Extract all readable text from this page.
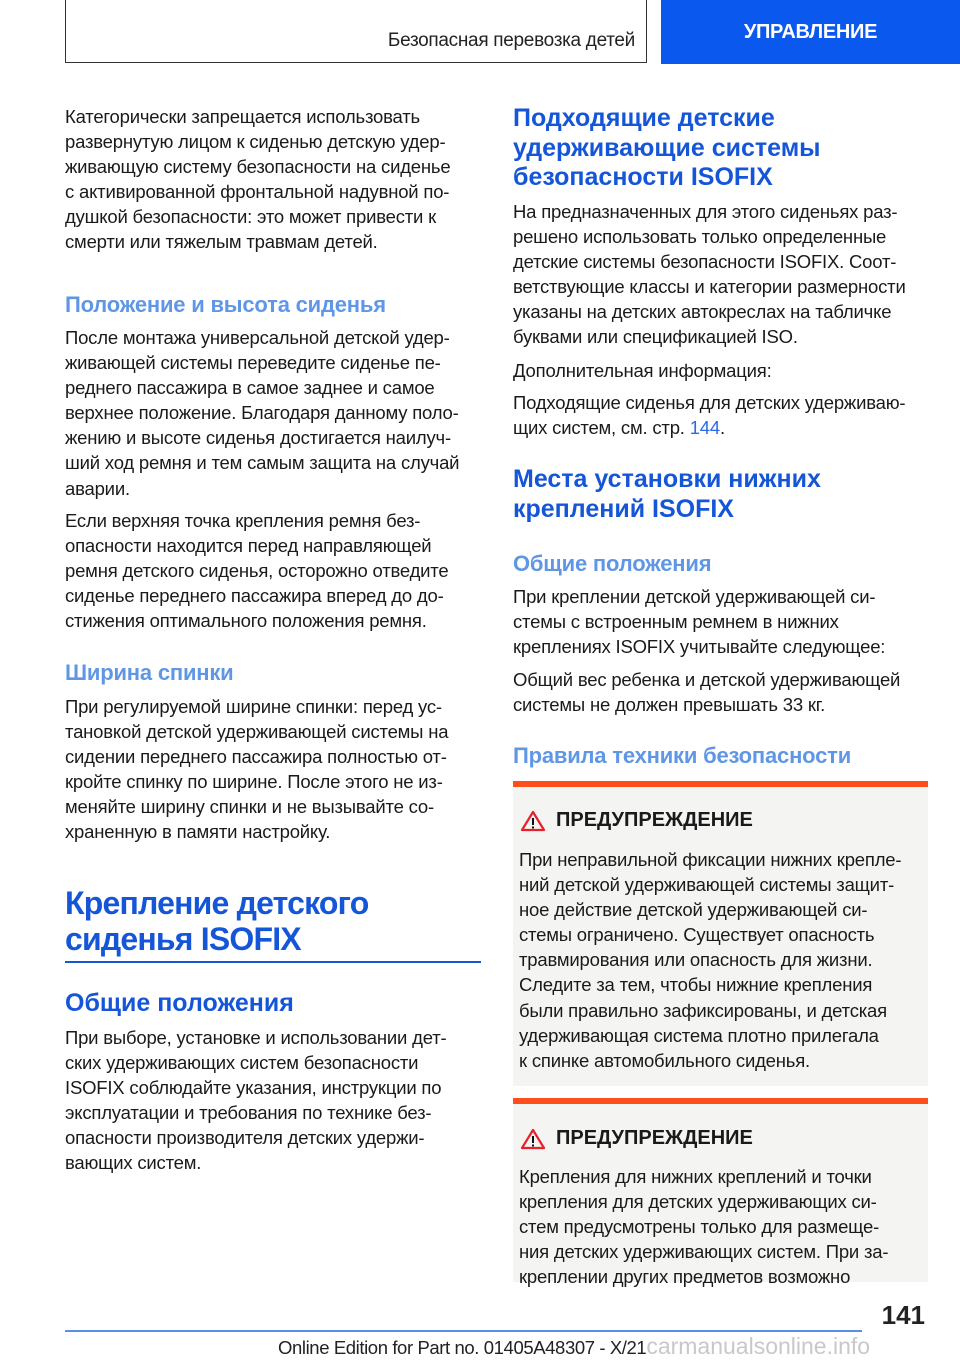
Безопасная перевозка детей	УПРАВЛЕНИЕ
Категорически запрещается использовать
развернутую лицом к сиденью детскую удер-
живающую систему безопасности на сиденье
с активированной фронтальной надувной по-
душкой безопасности: это может привести к
смерти или тяжелым травмам детей.
Положение и высота сиденья
После монтажа универсальной детской удер-
живающей системы переведите сиденье пе-
реднего пассажира в самое заднее и самое
верхнее положение. Благодаря данному поло-
жению и высоте сиденья достигается наилуч-
ший ход ремня и тем самым защита на случай
аварии.
Если верхняя точка крепления ремня без-
опасности находится перед направляющей
ремня детского сиденья, осторожно отведите
сиденье переднего пассажира вперед до до-
стижения оптимального положения ремня.
Ширина спинки
При регулируемой ширине спинки: перед ус-
тановкой детской удерживающей системы на
сидении переднего пассажира полностью от-
кройте спинку по ширине. После этого не из-
меняйте ширину спинки и не вызывайте со-
храненную в памяти настройку.
Крепление детского
сиденья ISOFIX
Общие положения
При выборе, установке и использовании дет-
ских удерживающих систем безопасности
ISOFIX соблюдайте указания, инструкции по
эксплуатации и требования по технике без-
опасности производителя детских удержи-
вающих систем.
Подходящие детские
удерживающие системы
безопасности ISOFIX
На предназначенных для этого сиденьях раз-
решено использовать только определенные
детские системы безопасности ISOFIX. Соот-
ветствующие классы и категории размерности
указаны на детских автокреслах на табличке
буквами или спецификацией ISO.
Дополнительная информация:
Подходящие сиденья для детских удерживаю-
щих систем, см. стр. 144.
Места установки нижних
креплений ISOFIX
Общие положения
При креплении детской удерживающей си-
стемы с встроенным ремнем в нижних
креплениях ISOFIX учитывайте следующее:
Общий вес ребенка и детской удерживающей
системы не должен превышать 33 кг.
Правила техники безопасности
ПРЕДУПРЕЖДЕНИЕ
При неправильной фиксации нижних крепле-
ний детской удерживающей системы защит-
ное действие детской удерживающей си-
стемы ограничено. Существует опасность
травмирования или опасность для жизни.
Следите за тем, чтобы нижние крепления
были правильно зафиксированы, и детская
удерживающая система плотно прилегала
к спинке автомобильного сиденья.
ПРЕДУПРЕЖДЕНИЕ
Крепления для нижних креплений и точки
крепления для детских удерживающих си-
стем предусмотрены только для размеще-
ния детских удерживающих систем. При за-
креплении других предметов возможно
141
Online Edition for Part no. 01405A48307 - X/21carmanualsonline.info
